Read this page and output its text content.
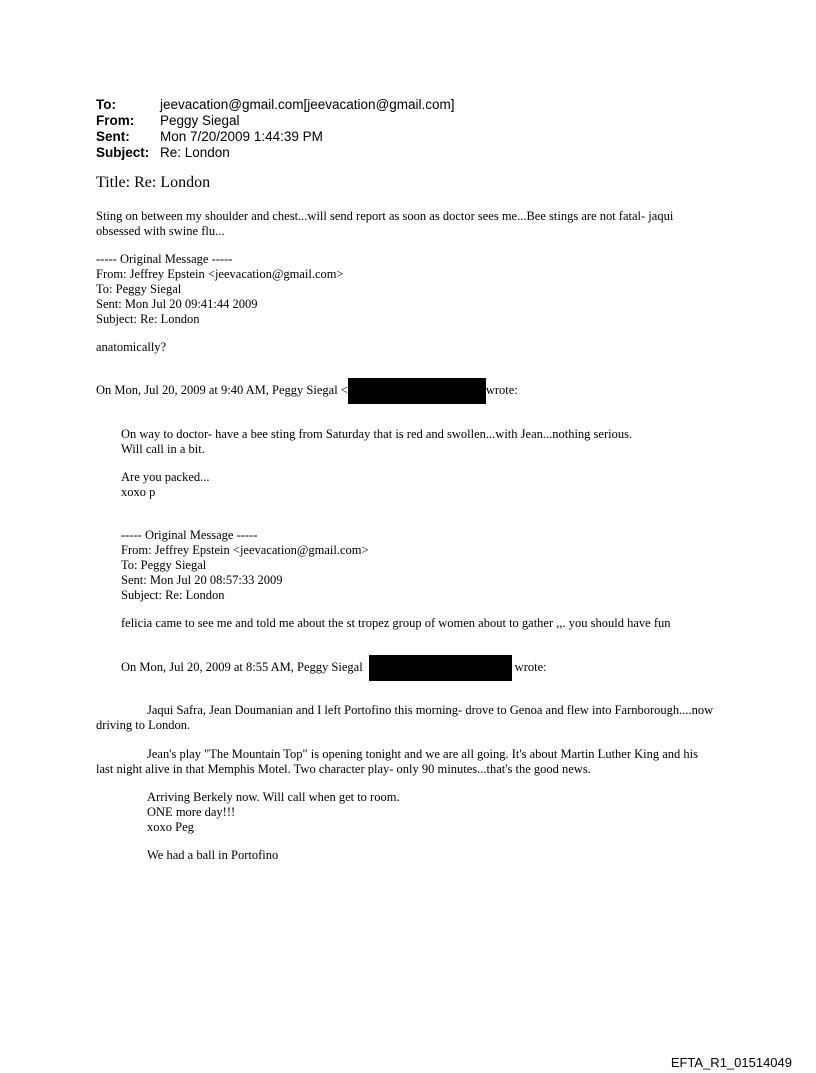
To:	jeevacation@gmail.com[jeevacation@gmail.com]
From:	Peggy Siegal
Sent:	Mon 7/20/2009 1:44:39 PM
Subject: Re: London
Title: Re: London
Sting on between my shoulder and chest...will send report as soon as doctor sees me...Bee stings are not fatal- jaqui
obsessed with swine flu...
----- Original Message -----
From: Jeffrey Epstein <jeevacation@gmail.com>
To: Peggy Siegal
Sent: Mon Jul 20 09:41:44 2009
Subject: Re: London
anatomically?
On Mon, Jul 20, 2009 at 9:40 AM, Peggy Siegal <	wrote:
On way to doctor- have a bee sting from Saturday that is red and swollen...with Jean...nothing serious.
Will call in a bit.
Are you packed...
xoxo p
----- Original Message -----
From: Jeffrey Epstein <jeevacation@gmail.com>
To: Peggy Siegal
Sent: Mon Jul 20 08:57:33 2009
Subject: Re: London
felicia came to see me and told me about the st tropez group of women about to gather ,,. you should have fun
On Mon, Jul 20, 2009 at 8:55 AM, Peggy Siegal	wrote:
Jaqui Safra, Jean Doumanian and I left Portofino this morning- drove to Genoa and flew into Farnborough....now
driving to London.
Jean's play "The Mountain Top" is opening tonight and we are all going. It's about Martin Luther King and his
last night alive in that Memphis Motel. Two character play- only 90 minutes...that's the good news.
Arriving Berkely now. Will call when get to room.
ONE more day!!!
xoxo Peg
We had a ball in Portofino
EFTA_R1_01514049
